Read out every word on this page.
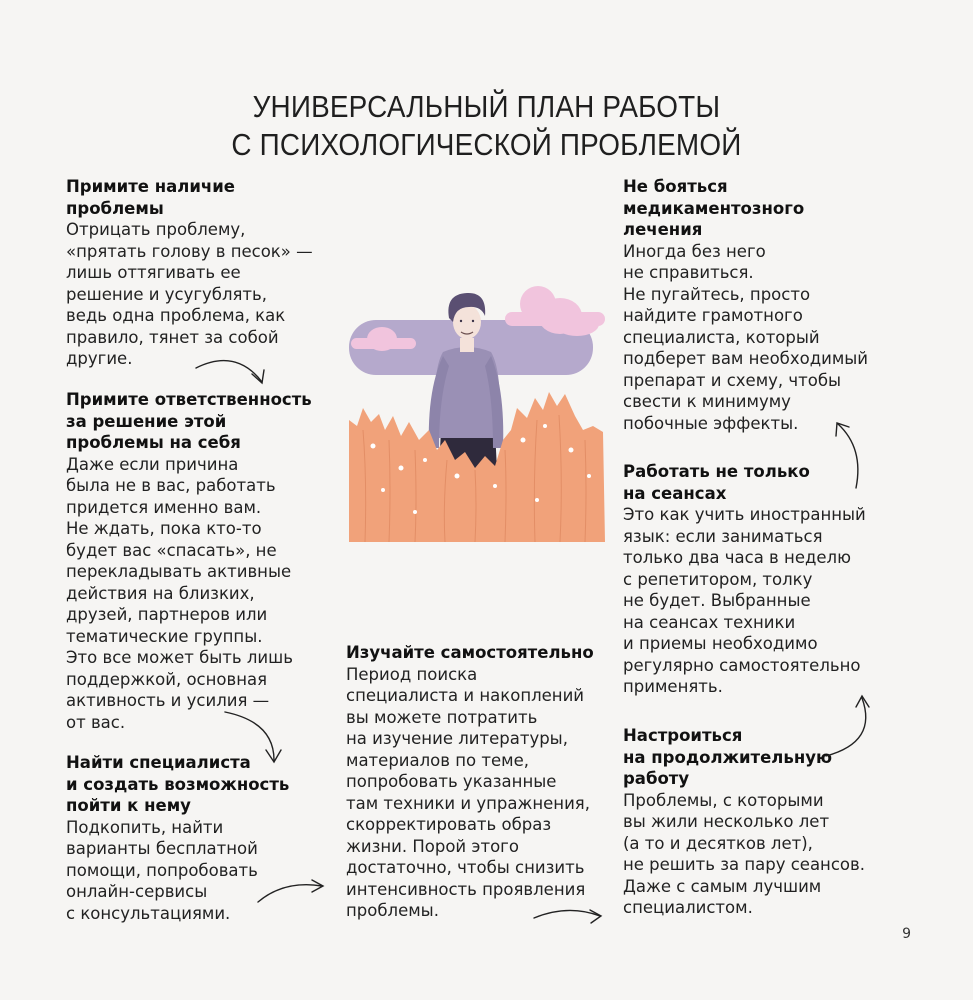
УНИВЕРСАЛЬНЫЙ ПЛАН РАБОТЫ
С ПСИХОЛОГИЧЕСКОЙ ПРОБЛЕМОЙ
Примите наличие
проблемы

Отрицать проблему,
«прятать голову в песок» —
лишь оттягивать ее
решение и усугублять,
ведь одна проблема, как
правило, тянет за собой
другие.

Примите ответственность
за решение этой
проблемы на себя

Даже если причина
была не в вас, работать
придется именно вам.
Не ждать, пока кто-то
будет вас «спасать», не
перекладывать активные
действия на близких,
друзей, партнеров или
тематические группы.
Это все может быть лишь
поддержкой, основная
активность и усилия —
от вас.

Найти специалиста
и создать возможность
пойти к нему

Подкопить, найти
варианты бесплатной
помощи, попробовать
онлайн-сервисы
с консультациями.

Изучайте самостоятельно

Период поиска
специалиста и накоплений
вы можете потратить
на изучение литературы,
материалов по теме,
попробовать указанные
там техники и упражнения,
скорректировать образ
жизни. Порой этого
достаточно, чтобы снизить
интенсивность проявления
проблемы.

Не бояться
медикаментозного
лечения

Иногда без него
не справиться.
Не пугайтесь, просто
найдите грамотного
специалиста, который
подберет вам необходимый
препарат и схему, чтобы
свести к минимуму
побочные эффекты.

Работать не только
на сеансах

Это как учить иностранный
язык: если заниматься
только два часа в неделю
с репетитором, толку
не будет. Выбранные
на сеансах техники
и приемы необходимо
регулярно самостоятельно
применять.

Настроиться
на продолжительную
работу

Проблемы, с которыми
вы жили несколько лет
(а то и десятков лет),
не решить за пару сеансов.
Даже с самым лучшим
специалистом.

9
